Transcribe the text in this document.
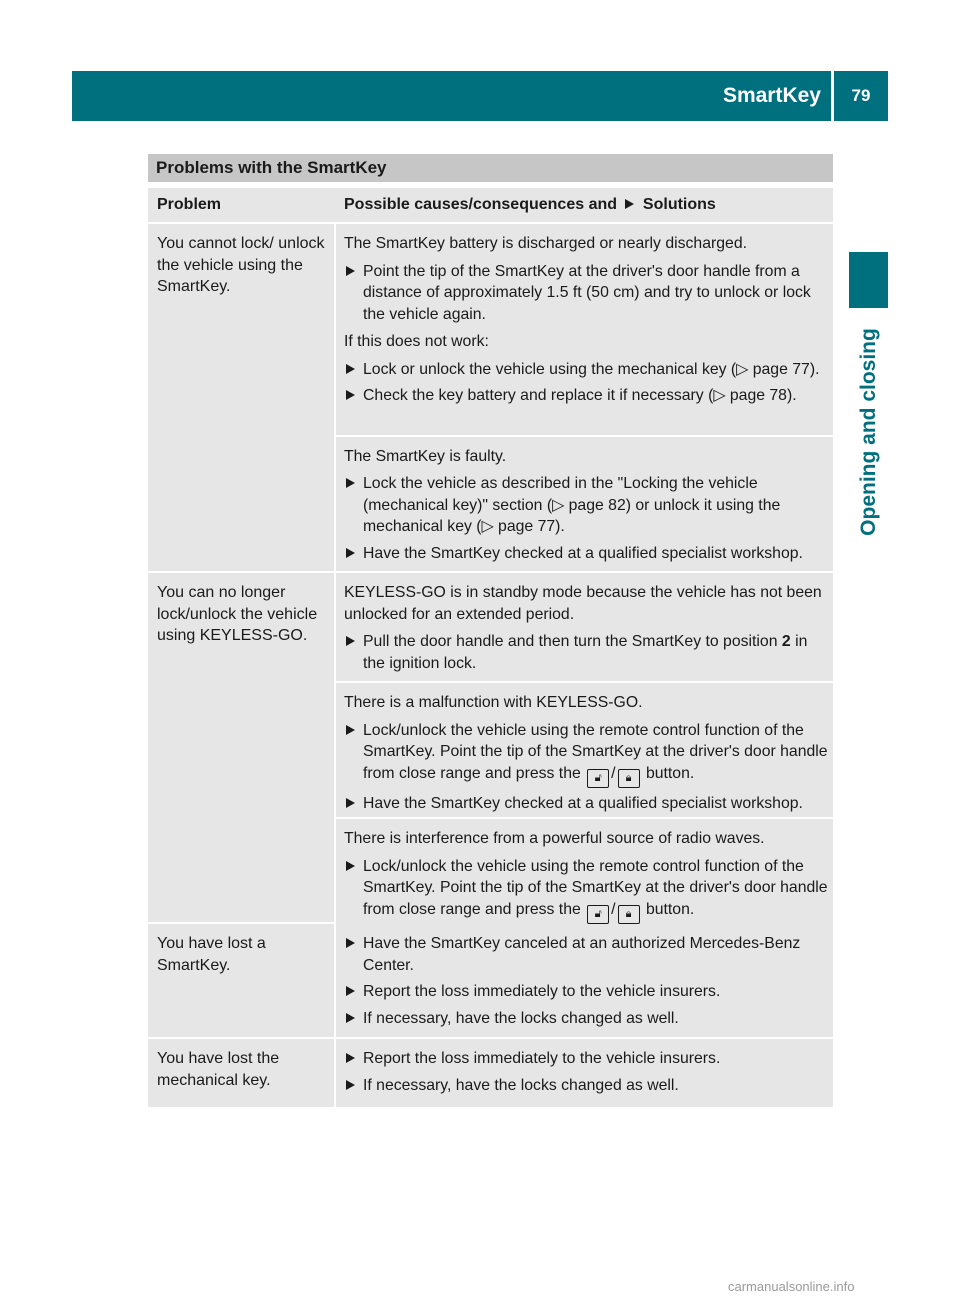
SmartKey	79
Opening and closing
Problems with the SmartKey
Problem	Possible causes/consequences and Solutions
You cannot lock/ unlock the vehicle using the SmartKey.

The SmartKey battery is discharged or nearly discharged.

Point the tip of the SmartKey at the driver's door handle from a distance of approximately 1.5 ft (50 cm) and try to unlock or lock the vehicle again.

If this does not work:

Lock or unlock the vehicle using the mechanical key (▷ page 77).
Check the key battery and replace it if necessary (▷ page 78).

The SmartKey is faulty.

Lock the vehicle as described in the "Locking the vehicle (mechanical key)" section (▷ page 82) or unlock it using the mechanical key (▷ page 77).
Have the SmartKey checked at a qualified specialist workshop.
You can no longer lock/unlock the vehicle using KEYLESS-GO.

KEYLESS-GO is in standby mode because the vehicle has not been unlocked for an extended period.

Pull the door handle and then turn the SmartKey to position 2 in the ignition lock.

There is a malfunction with KEYLESS-GO.

Lock/unlock the vehicle using the remote control function of the SmartKey. Point the tip of the SmartKey at the driver's door handle from close range and press the 🔓︎ / 🔒︎ button.
Have the SmartKey checked at a qualified specialist workshop.

There is interference from a powerful source of radio waves.

Lock/unlock the vehicle using the remote control function of the SmartKey. Point the tip of the SmartKey at the driver's door handle from close range and press the 🔓︎ / 🔒︎ button.
You have lost a SmartKey.
Have the SmartKey canceled at an authorized Mercedes-Benz Center.
Report the loss immediately to the vehicle insurers.
If necessary, have the locks changed as well.
You have lost the mechanical key.
Report the loss immediately to the vehicle insurers.
If necessary, have the locks changed as well.
carmanualsonline.info
